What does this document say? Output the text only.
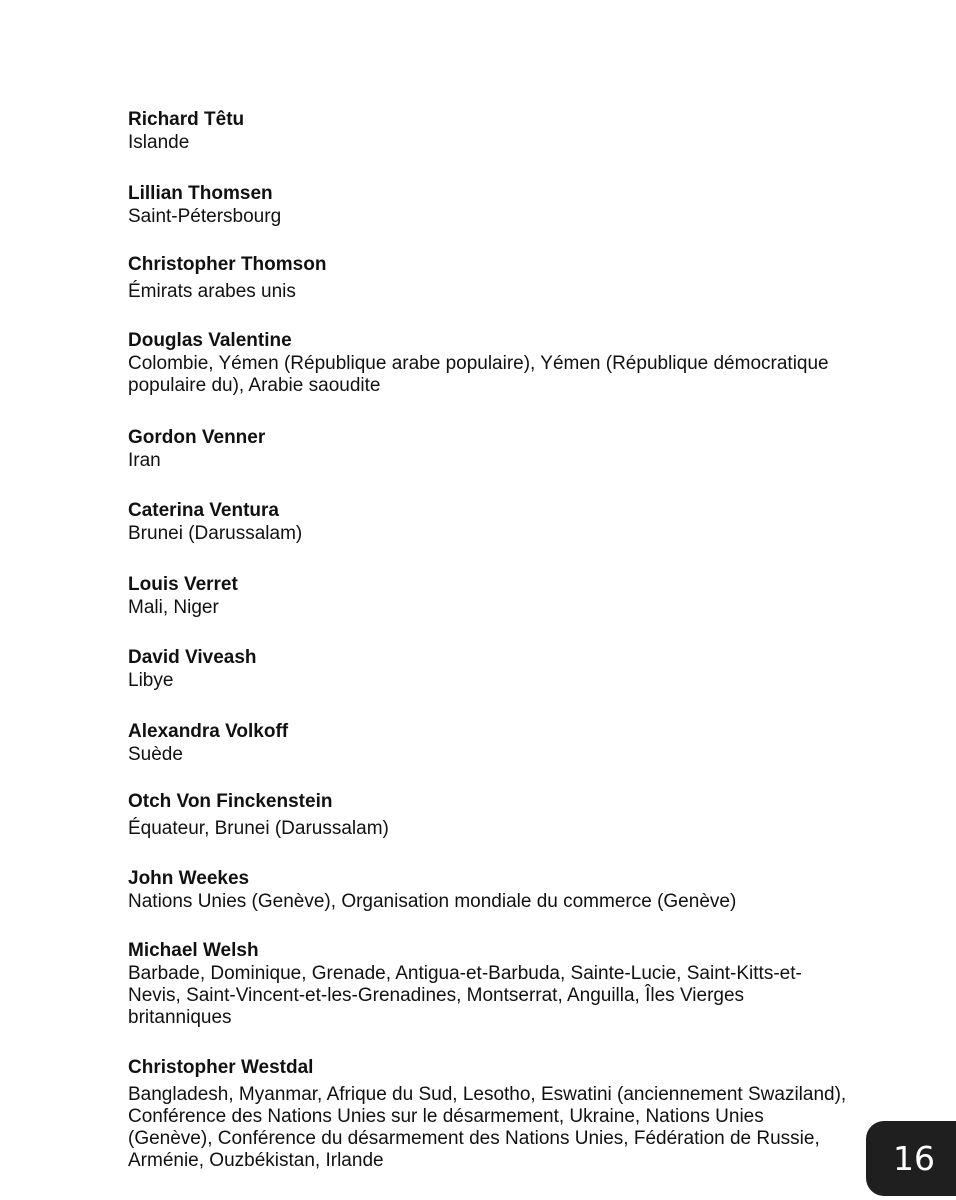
Richard Têtu
Islande
Lillian Thomsen
Saint-Pétersbourg
Christopher Thomson
Émirats arabes unis
Douglas Valentine
Colombie, Yémen (République arabe populaire), Yémen (République démocratique populaire du), Arabie saoudite
Gordon Venner
Iran
Caterina Ventura
Brunei (Darussalam)
Louis Verret
Mali, Niger
David Viveash
Libye
Alexandra Volkoff
Suède
Otch Von Finckenstein
Équateur, Brunei (Darussalam)
John Weekes
Nations Unies (Genève), Organisation mondiale du commerce (Genève)
Michael Welsh
Barbade, Dominique, Grenade, Antigua-et-Barbuda, Sainte-Lucie, Saint-Kitts-et-Nevis, Saint-Vincent-et-les-Grenadines, Montserrat, Anguilla, Îles Vierges britanniques
Christopher Westdal
Bangladesh, Myanmar, Afrique du Sud, Lesotho, Eswatini (anciennement Swaziland), Conférence des Nations Unies sur le désarmement, Ukraine, Nations Unies (Genève), Conférence du désarmement des Nations Unies, Fédération de Russie, Arménie, Ouzbékistan, Irlande	16
